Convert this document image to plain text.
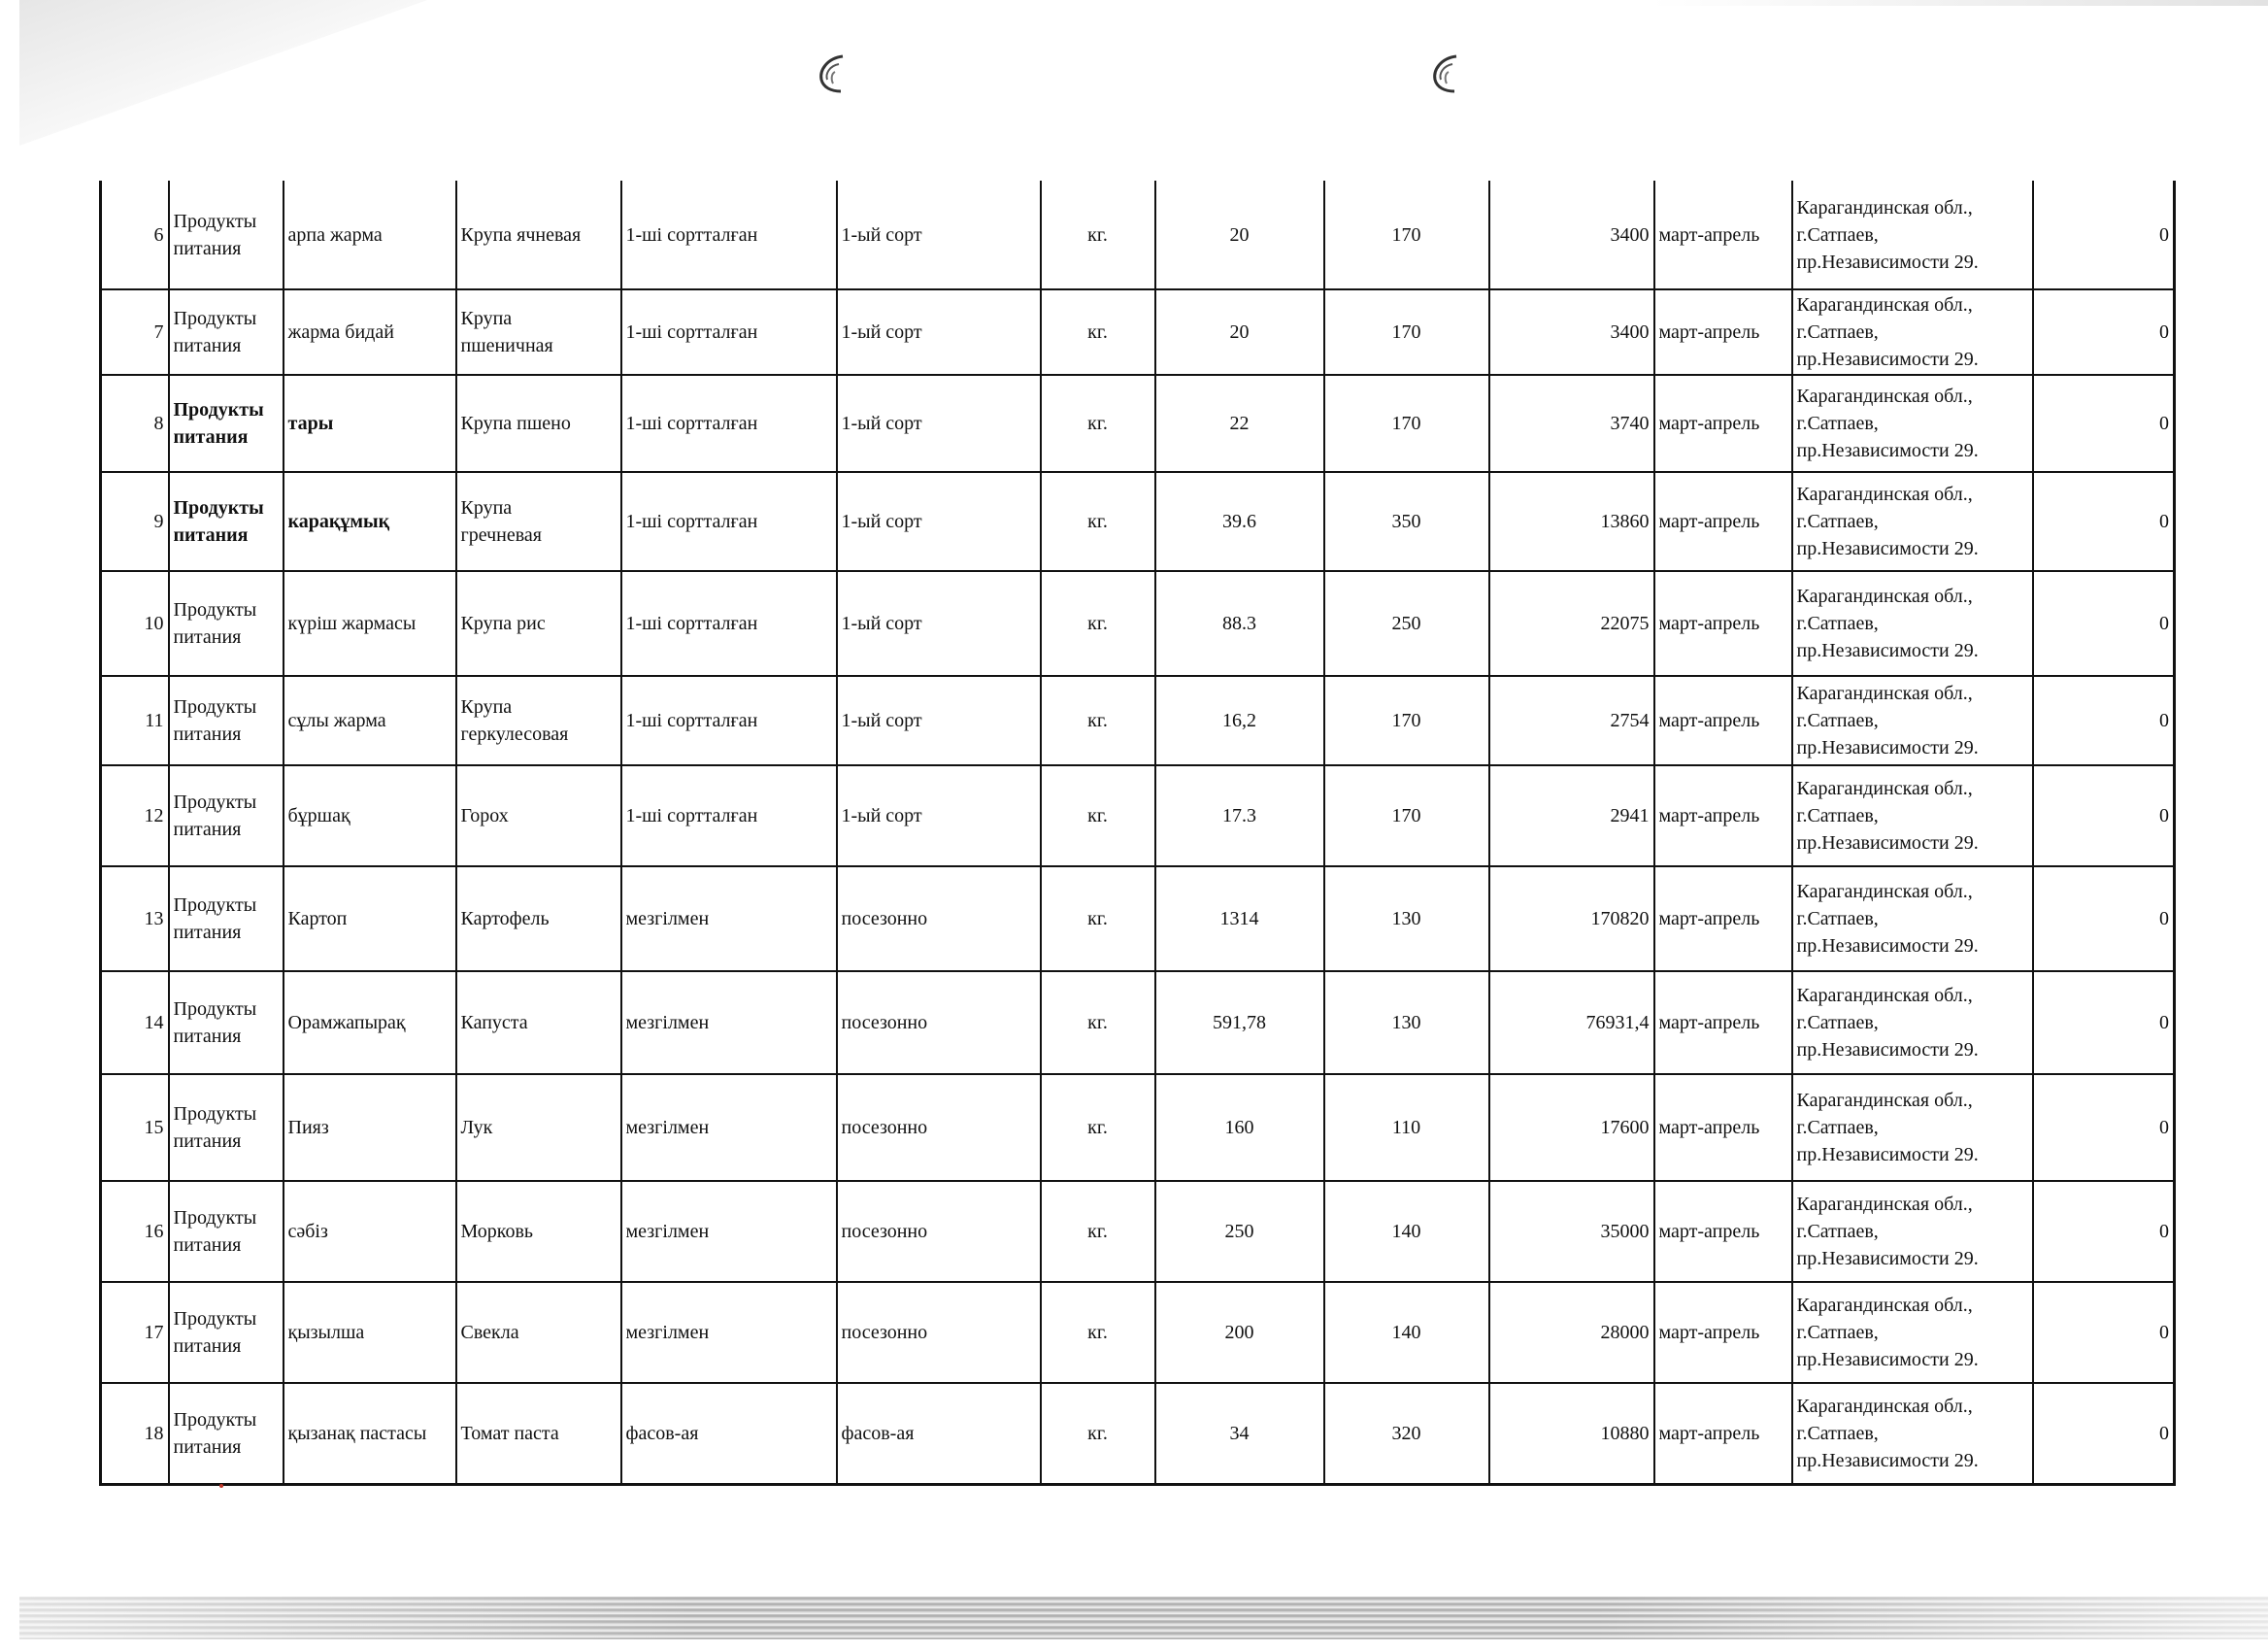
6	Продукты
питания	арпа жарма	Крупа ячневая	1-ші сортталған	1-ый сорт	кг.	20	170	3400	март-апрель	Карагандинская обл.,
г.Сатпаев,
пр.Независимости 29.	0
7	Продукты
питания	жарма бидай	Крупа
пшеничная	1-ші сортталған	1-ый сорт	кг.	20	170	3400	март-апрель	Карагандинская обл.,
г.Сатпаев,
пр.Независимости 29.	0
8	Продукты
питания	тары	Крупа пшено	1-ші сортталған	1-ый сорт	кг.	22	170	3740	март-апрель	Карагандинская обл.,
г.Сатпаев,
пр.Независимости 29.	0
9	Продукты
питания	карақұмық	Крупа
гречневая	1-ші сортталған	1-ый сорт	кг.	39.6	350	13860	март-апрель	Карагандинская обл.,
г.Сатпаев,
пр.Независимости 29.	0
10	Продукты
питания	күріш жармасы	Крупа рис	1-ші сортталған	1-ый сорт	кг.	88.3	250	22075	март-апрель	Карагандинская обл.,
г.Сатпаев,
пр.Независимости 29.	0
11	Продукты
питания	сұлы жарма	Крупа
геркулесовая	1-ші сортталған	1-ый сорт	кг.	16,2	170	2754	март-апрель	Карагандинская обл.,
г.Сатпаев,
пр.Независимости 29.	0
12	Продукты
питания	бұршақ	Горох	1-ші сортталған	1-ый сорт	кг.	17.3	170	2941	март-апрель	Карагандинская обл.,
г.Сатпаев,
пр.Независимости 29.	0
13	Продукты
питания	Картоп	Картофель	мезгілмен	посезонно	кг.	1314	130	170820	март-апрель	Карагандинская обл.,
г.Сатпаев,
пр.Независимости 29.	0
14	Продукты
питания	Орамжапырақ	Капуста	мезгілмен	посезонно	кг.	591,78	130	76931,4	март-апрель	Карагандинская обл.,
г.Сатпаев,
пр.Независимости 29.	0
15	Продукты
питания	Пияз	Лук	мезгілмен	посезонно	кг.	160	110	17600	март-апрель	Карагандинская обл.,
г.Сатпаев,
пр.Независимости 29.	0
16	Продукты
питания	сәбіз	Морковь	мезгілмен	посезонно	кг.	250	140	35000	март-апрель	Карагандинская обл.,
г.Сатпаев,
пр.Независимости 29.	0
17	Продукты
питания	қызылша	Свекла	мезгілмен	посезонно	кг.	200	140	28000	март-апрель	Карагандинская обл.,
г.Сатпаев,
пр.Независимости 29.	0
18	Продукты
питания	қызанақ пастасы	Томат паста	фасов-ая	фасов-ая	кг.	34	320	10880	март-апрель	Карагандинская обл.,
г.Сатпаев,
пр.Независимости 29.	0
